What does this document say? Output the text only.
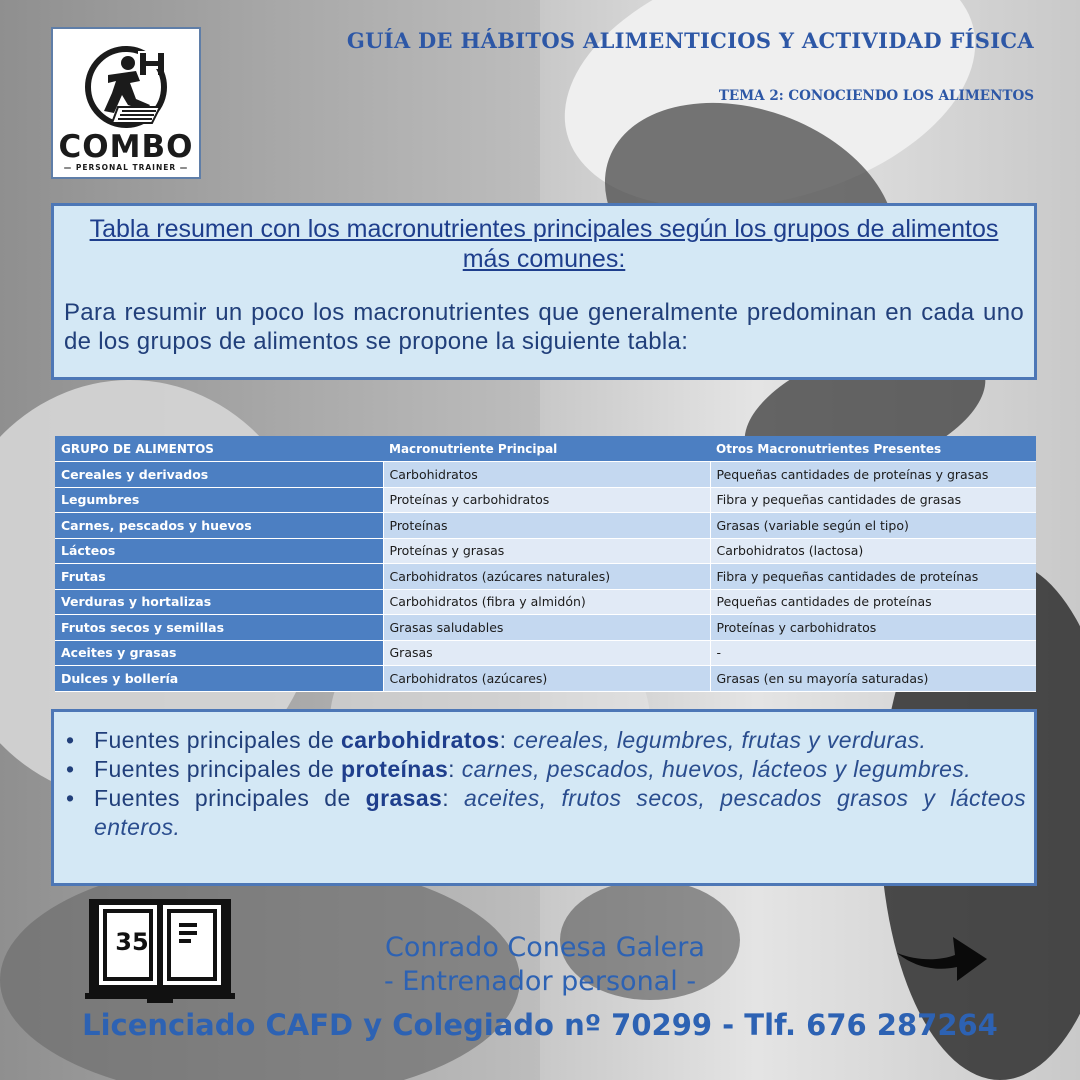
COMBO
— PERSONAL TRAINER —
GUÍA DE HÁBITOS ALIMENTICIOS Y ACTIVIDAD FÍSICA
TEMA 2: CONOCIENDO LOS ALIMENTOS
Tabla resumen con los macronutrientes principales según los grupos de alimentos más comunes:
Para resumir un poco los macronutrientes que generalmente predominan en cada uno de los grupos de alimentos se propone la siguiente tabla:
GRUPO DE ALIMENTOS	Macronutriente Principal	Otros Macronutrientes Presentes
Cereales y derivados	Carbohidratos	Pequeñas cantidades de proteínas y grasas
Legumbres	Proteínas y carbohidratos	Fibra y pequeñas cantidades de grasas
Carnes, pescados y huevos	Proteínas	Grasas (variable según el tipo)
Lácteos	Proteínas y grasas	Carbohidratos (lactosa)
Frutas	Carbohidratos (azúcares naturales)	Fibra y pequeñas cantidades de proteínas
Verduras y hortalizas	Carbohidratos (fibra y almidón)	Pequeñas cantidades de proteínas
Frutos secos y semillas	Grasas saludables	Proteínas y carbohidratos
Aceites y grasas	Grasas	-
Dulces y bollería	Carbohidratos (azúcares)	Grasas (en su mayoría saturadas)
• Fuentes principales de carbohidratos: cereales, legumbres, frutas y verduras.
• Fuentes principales de proteínas: carnes, pescados, huevos, lácteos y legumbres.
• Fuentes principales de grasas: aceites, frutos secos, pescados grasos y lácteos enteros.
35	Conrado Conesa Galera
- Entrenador personal -
Licenciado CAFD y Colegiado nº 70299 - Tlf. 676 287264
